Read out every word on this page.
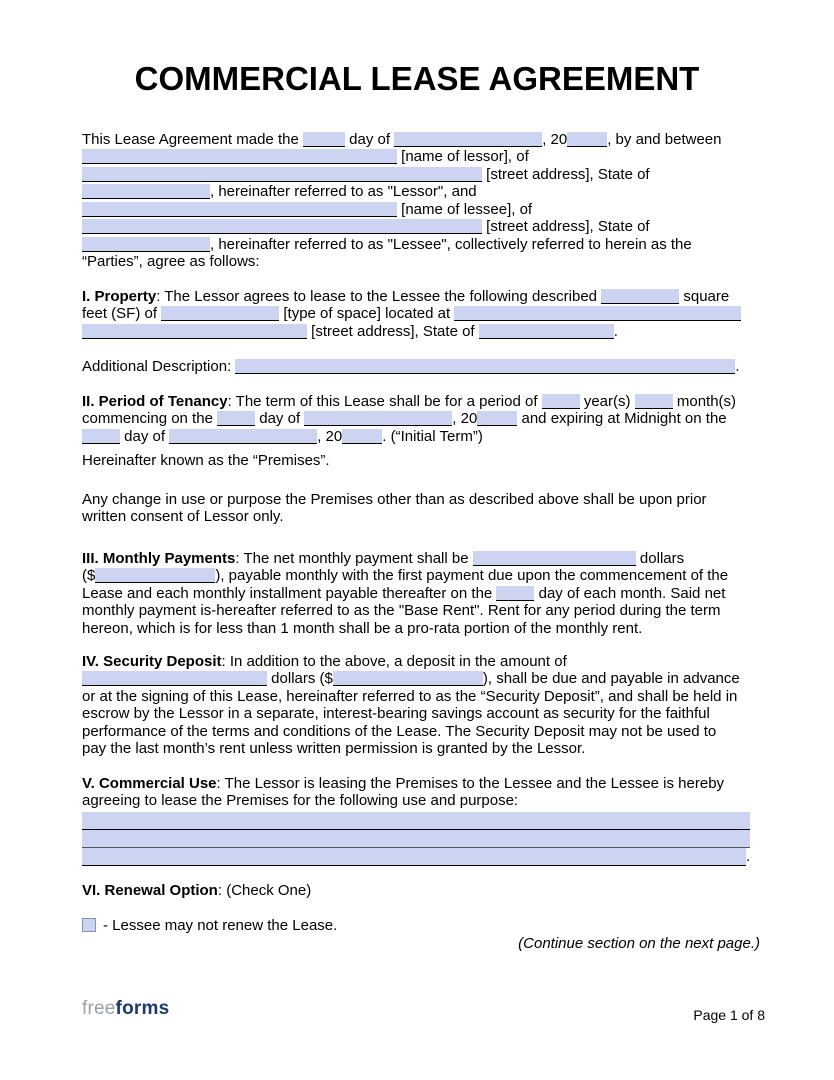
COMMERCIAL LEASE AGREEMENT
This Lease Agreement made the	day of	, 20	, by and between
[name of lessor], of
[street address], State of
, hereinafter referred to as "Lessor", and
[name of lessee], of
[street address], State of
, hereinafter referred to as "Lessee", collectively referred to herein as the
“Parties”, agree as follows:
I. Property: The Lessor agrees to lease to the Lessee the following described	square
feet (SF) of	[type of space] located at
[street address], State of	.
Additional Description:	.
II. Period of Tenancy: The term of this Lease shall be for a period of	year(s)	month(s)
commencing on the	day of	, 20	and expiring at Midnight on the
day of	, 20	. (“Initial Term”)
Hereinafter known as the “Premises”.
Any change in use or purpose the Premises other than as described above shall be upon prior
written consent of Lessor only.
III. Monthly Payments: The net monthly payment shall be	dollars
($	), payable monthly with the first payment due upon the commencement of the
Lease and each monthly installment payable thereafter on the	day of each month. Said net
monthly payment is-hereafter referred to as the "Base Rent". Rent for any period during the term
hereon, which is for less than 1 month shall be a pro-rata portion of the monthly rent.
IV. Security Deposit: In addition to the above, a deposit in the amount of
dollars ($	), shall be due and payable in advance
or at the signing of this Lease, hereinafter referred to as the “Security Deposit”, and shall be held in
escrow by the Lessor in a separate, interest-bearing savings account as security for the faithful
performance of the terms and conditions of the Lease. The Security Deposit may not be used to
pay the last month’s rent unless written permission is granted by the Lessor.
V. Commercial Use: The Lessor is leasing the Premises to the Lessee and the Lessee is hereby
agreeing to lease the Premises for the following use and purpose:
.
VI. Renewal Option: (Check One)
- Lessee may not renew the Lease.
(Continue section on the next page.)
freeforms	Page 1 of 8
